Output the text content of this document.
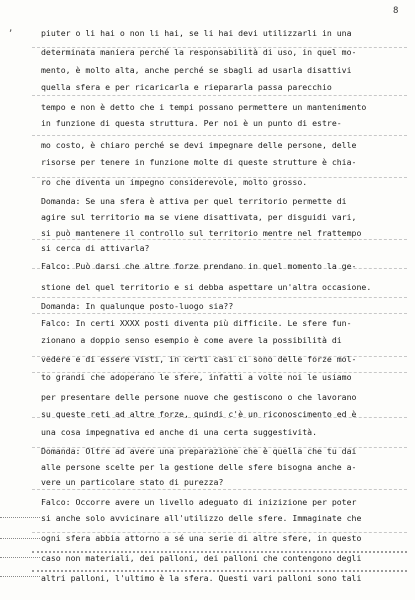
8
,	piuter o li hai o non li hai, se li hai devi utilizzarli in una
determinata maniera perché la responsabilità di uso, in quel mo-
mento, è molto alta, anche perché se sbagli ad usarla disattivi
quella sfera e per ricaricarla e riepararla passa parecchio
tempo e non è detto che i tempi possano permettere un mantenimento
in funzione di questa struttura. Per noi è un punto di estre-
mo costo, è chiaro perché se devi impegnare delle persone, delle
risorse per tenere in funzione molte di queste strutture è chia-
ro che diventa un impegno considerevole, molto grosso.
Domanda: Se una sfera è attiva per quel territorio permette di
agire sul territorio ma se viene disattivata, per disguidi vari,
si può mantenere il controllo sul territorio mentre nel frattempo
si cerca di attivarla?
Falco: Può darsi che altre forze prendano in quel momento la ge-
stione del quel territorio e si debba aspettare un'altra occasione.
Domanda: In qualunque posto-luogo sia??
Falco: In certi XXXX posti diventa più difficile. Le sfere fun-
zionano a doppio senso esempio è come avere la possibilità di
vedere e di essere visti, in certi casi ci sono delle forze mol-
to grandi che adoperano le sfere, infatti a volte noi le usiamo
per presentare delle persone nuove che gestiscono o che lavorano
su queste reti ad altre forze, quindi c'è un riconoscimento ed è
una cosa impegnativa ed anche di una certa suggestività.
Domanda: Oltre ad avere una preparazione che è quella che tu dai
alle persone scelte per la gestione delle sfere bisogna anche a-
vere un particolare stato di purezza?
Falco: Occorre avere un livello adeguato di inizizione per poter
si anche solo avvicinare all'utilizzo delle sfere. Immaginate che
ogni sfera abbia attorno a sé una serie di altre sfere, in questo
caso non materiali, dei palloni, dei palloni che contengono degli
altri palloni, l'ultimo è la sfera. Questi vari palloni sono tali
